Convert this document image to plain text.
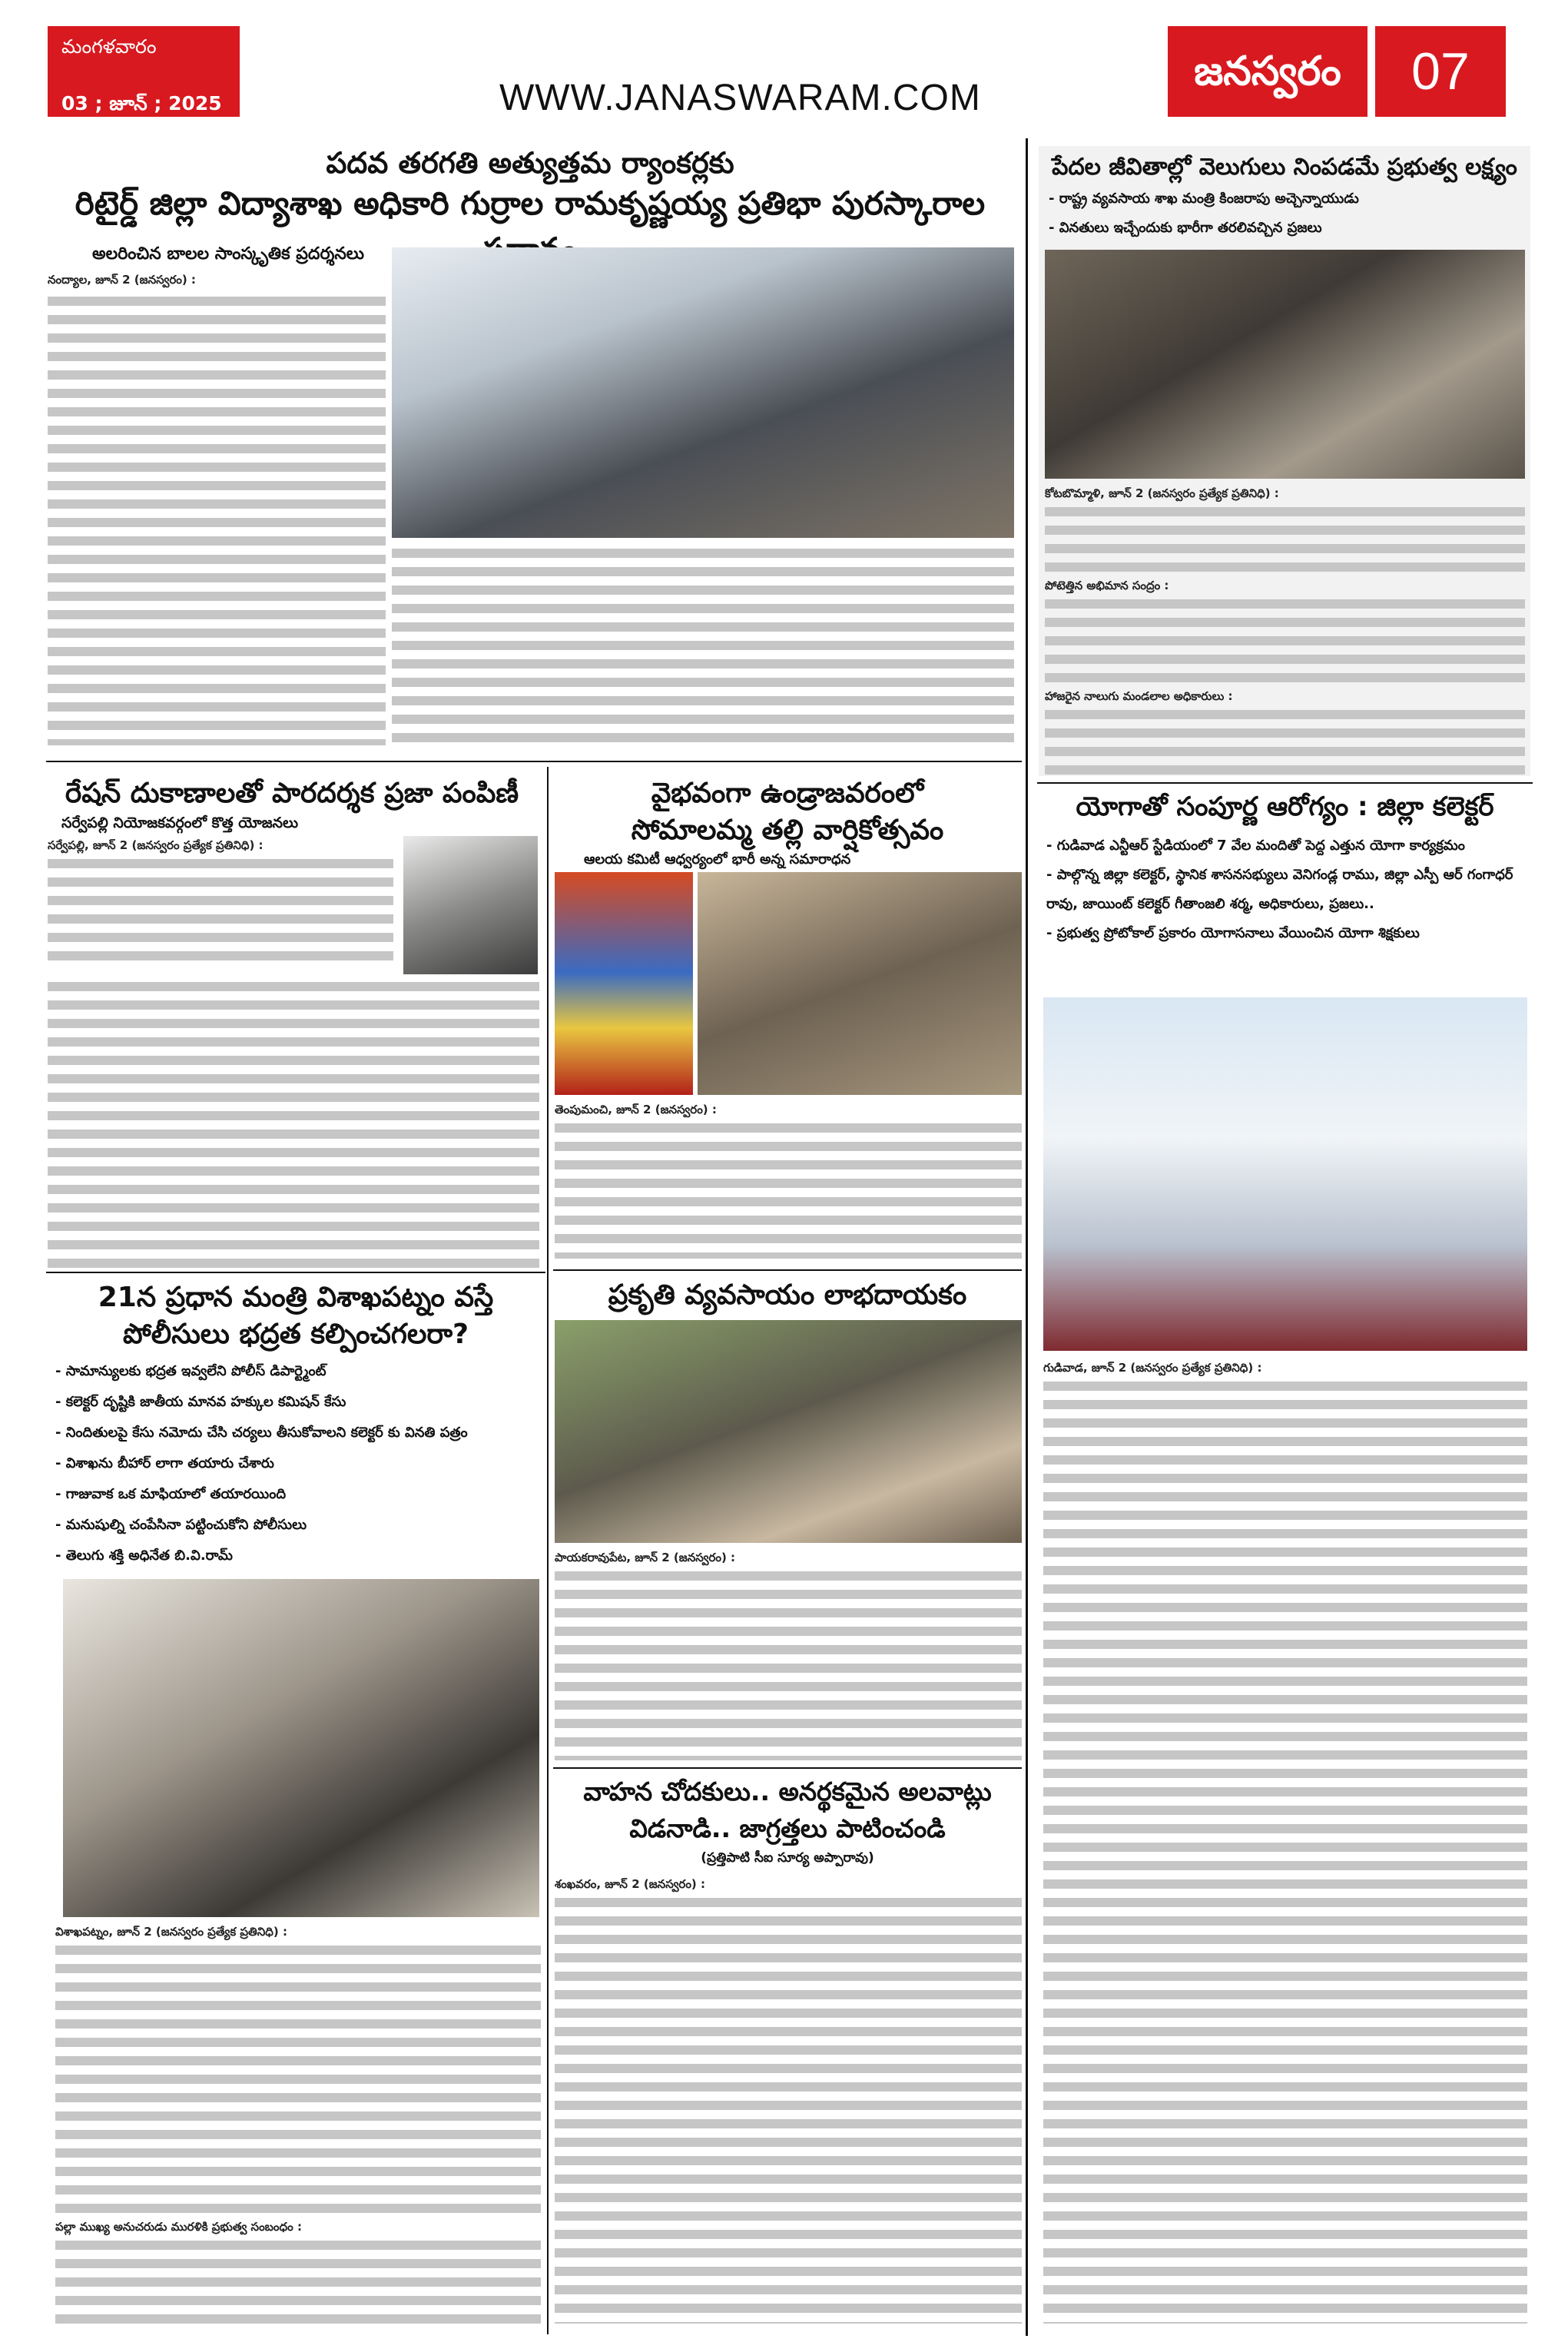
మంగళవారం
03 ; జూన్ ; 2025	WWW.JANASWARAM.COM
జనస్వరం	07
పదవ తరగతి అత్యుత్తమ ర్యాంకర్లకు
రిటైర్డ్ జిల్లా విద్యాశాఖ అధికారి గుర్రాల రామకృష్ణయ్య ప్రతిభా పురస్కారాల
అలరించిన బాలల సాంస్కృతిక ప్రదర్శనలు
నంద్యాల, జూన్ 2 (జనస్వరం) :
పేదల జీవితాల్లో వెలుగులు నింపడమే ప్రభుత్వ లక్ష్యం
- రాష్ట్ర వ్యవసాయ శాఖ మంత్రి కింజరాపు అచ్చెన్నాయుడు
- వినతులు ఇచ్చేందుకు భారీగా తరలివచ్చిన ప్రజలు
కోటబొమ్మాళి, జూన్ 2 (జనస్వరం ప్రత్యేక ప్రతినిధి) :
పోటెత్తిన అభిమాన సంద్రం :
హాజరైన నాలుగు మండలాల అధికారులు :
రేషన్ దుకాణాలతో పారదర్శక ప్రజా పంపిణీ
సర్వేపల్లి నియోజకవర్గంలో కొత్త యోజనలు
సర్వేపల్లి, జూన్ 2 (జనస్వరం ప్రత్యేక ప్రతినిధి) :
వైభవంగా ఉండ్రాజవరంలో
సోమాలమ్మ తల్లి వార్షికోత్సవం
ఆలయ కమిటీ ఆధ్వర్యంలో భారీ అన్న సమారాధన
తెంపుమంచి, జూన్ 2 (జనస్వరం) :
యోగాతో సంపూర్ణ ఆరోగ్యం : జిల్లా కలెక్టర్
- గుడివాడ ఎన్టీఆర్ స్టేడియంలో 7 వేల మందితో పెద్ద ఎత్తున యోగా కార్యక్రమం
- పాల్గొన్న జిల్లా కలెక్టర్, స్థానిక శాసనసభ్యులు వెనిగండ్ల రాము, జిల్లా ఎస్పీ ఆర్ గంగాధర్ రావు, జాయింట్ కలెక్టర్ గీతాంజలి శర్మ, అధికారులు, ప్రజలు..
- ప్రభుత్వ ప్రోటోకాల్ ప్రకారం యోగాసనాలు వేయించిన యోగా శిక్షకులు
గుడివాడ, జూన్ 2 (జనస్వరం ప్రత్యేక ప్రతినిధి) :
21న ప్రధాన మంత్రి విశాఖపట్నం వస్తే
పోలీసులు భద్రత కల్పించగలరా?
- సామాన్యులకు భద్రత ఇవ్వలేని పోలీస్ డిపార్ట్మెంట్
- కలెక్టర్ దృష్టికి జాతీయ మానవ హక్కుల కమిషన్ కేసు
- నిందితులపై కేసు నమోదు చేసి చర్యలు తీసుకోవాలని కలెక్టర్ కు వినతి పత్రం
- విశాఖను బీహార్ లాగా తయారు చేశారు
- గాజువాక ఒక మాఫియాలో తయారయింది
- మనుషుల్ని చంపేసినా పట్టించుకోని పోలీసులు
- తెలుగు శక్తి అధినేత బి.వి.రామ్
విశాఖపట్నం, జూన్ 2 (జనస్వరం ప్రత్యేక ప్రతినిధి) :
పల్లా ముఖ్య అనుచరుడు మురళికి ప్రభుత్వ సంబంధం :
ప్రకృతి వ్యవసాయం లాభదాయకం
పాయకరావుపేట, జూన్ 2 (జనస్వరం) :
వాహన చోదకులు.. అనర్థకమైన అలవాట్లు
విడనాడి.. జాగ్రత్తలు పాటించండి
(ప్రత్తిపాటి సీఐ సూర్య అప్పారావు)
శంఖవరం, జూన్ 2 (జనస్వరం) :
